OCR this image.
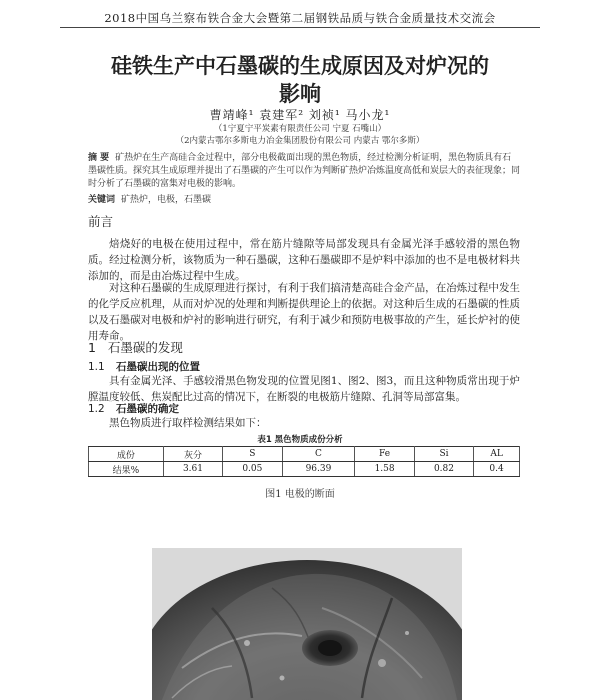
2018中国乌兰察布铁合金大会暨第二届钢铁品质与铁合金质量技术交流会
硅铁生产中石墨碳的生成原因及对炉况的
影响
曹靖峰¹ 袁建军² 刘祯¹ 马小龙¹
（1宁夏宁平炭素有限责任公司 宁夏 石嘴山）
（2内蒙古鄂尔多斯电力冶金集团股份有限公司 内蒙古 鄂尔多斯）
摘 要 矿热炉在生产高硅合金过程中，部分电极截面出现的黑色物质，经过检测分析证明，黑色物质具有石墨碳性质。探究其生成原理并提出了石墨碳的产生可以作为判断矿热炉冶炼温度高低和炭层大的表征现象；同时分析了石墨碳的富集对电极的影响。
关键词 矿热炉，电极，石墨碳
前言
焙烧好的电极在使用过程中，常在筋片缝隙等局部发现具有金属光泽手感较滑的黑色物质。经过检测分析，该物质为一种石墨碳，这种石墨碳即不是炉料中添加的也不是电极材料共添加的，而是由冶炼过程中生成。
对这种石墨碳的生成原理进行探讨，有利于我们搞清楚高硅合金产品，在冶炼过程中发生的化学反应机理，从而对炉况的处理和判断提供理论上的依据。对这种后生成的石墨碳的性质以及石墨碳对电极和炉衬的影响进行研究，有利于减少和预防电极事故的产生，延长炉衬的使用寿命。
1 石墨碳的发现
1.1 石墨碳出现的位置
具有金属光泽、手感较滑黑色物发现的位置见图1、图2、图3，而且这种物质常出现于炉膛温度较低、焦炭配比过高的情况下，在断裂的电极筋片缝隙、孔洞等局部富集。
1.2 石墨碳的确定
黑色物质进行取样检测结果如下：
表1 黑色物质成份分析
成份	灰分	S	C	Fe	Si	AL
结果%	3.61	0.05	96.39	1.58	0.82	0.4
图1 电极的断面
